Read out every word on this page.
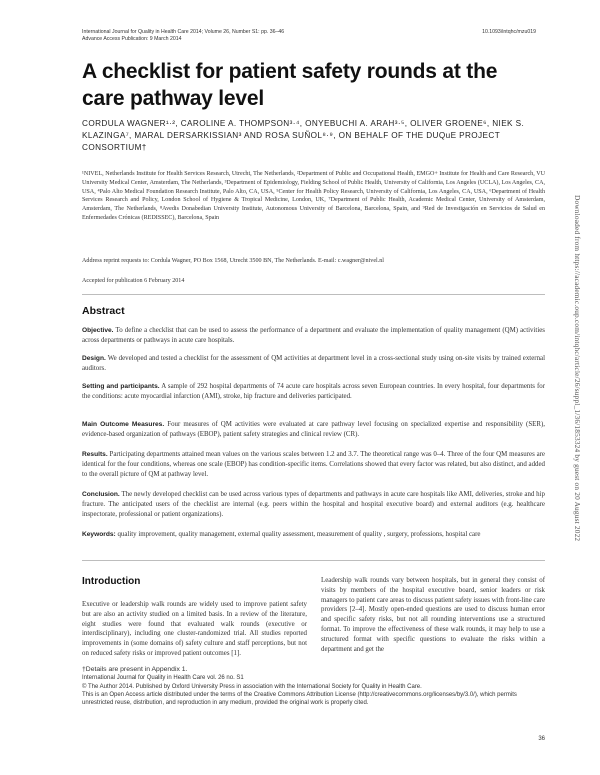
International Journal for Quality in Health Care 2014; Volume 26, Number S1: pp. 36–46
Advance Access Publication: 9 March 2014
10.1093/intqhc/mzu019
A checklist for patient safety rounds at the care pathway level
CORDULA WAGNER¹·², CAROLINE A. THOMPSON³·⁴, ONYEBUCHI A. ARAH³·⁵, OLIVER GROENE⁶, NIEK S. KLAZINGA⁷, MARAL DERSARKISSIAN³ AND ROSA SUÑOL⁸·⁹, ON BEHALF OF THE DUQuE PROJECT CONSORTIUM†
¹NIVEL, Netherlands Institute for Health Services Research, Utrecht, The Netherlands, ²Department of Public and Occupational Health, EMGO+ Institute for Health and Care Research, VU University Medical Center, Amsterdam, The Netherlands, ³Department of Epidemiology, Fielding School of Public Health, University of California, Los Angeles (UCLA), Los Angeles, CA, USA, ⁴Palo Alto Medical Foundation Research Institute, Palo Alto, CA, USA, ⁵Center for Health Policy Research, University of California, Los Angeles, CA, USA, ⁶Department of Health Services Research and Policy, London School of Hygiene & Tropical Medicine, London, UK, ⁷Department of Public Health, Academic Medical Center, University of Amsterdam, Amsterdam, The Netherlands, ⁸Avedis Donabedian University Institute, Autonomous University of Barcelona, Barcelona, Spain, and ⁹Red de Investigación en Servicios de Salud en Enfermedades Crónicas (REDISSEC), Barcelona, Spain
Address reprint requests to: Cordula Wagner, PO Box 1568, Utrecht 3500 BN, The Netherlands. E-mail: c.wagner@nivel.nl
Accepted for publication 6 February 2014
Abstract
Objective. To define a checklist that can be used to assess the performance of a department and evaluate the implementation of quality management (QM) activities across departments or pathways in acute care hospitals.
Design. We developed and tested a checklist for the assessment of QM activities at department level in a cross-sectional study using on-site visits by trained external auditors.
Setting and participants. A sample of 292 hospital departments of 74 acute care hospitals across seven European countries. In every hospital, four departments for the conditions: acute myocardial infarction (AMI), stroke, hip fracture and deliveries participated.
Main Outcome Measures. Four measures of QM activities were evaluated at care pathway level focusing on specialized expertise and responsibility (SER), evidence-based organization of pathways (EBOP), patient safety strategies and clinical review (CR).
Results. Participating departments attained mean values on the various scales between 1.2 and 3.7. The theoretical range was 0–4. Three of the four QM measures are identical for the four conditions, whereas one scale (EBOP) has condition-specific items. Correlations showed that every factor was related, but also distinct, and added to the overall picture of QM at pathway level.
Conclusion. The newly developed checklist can be used across various types of departments and pathways in acute care hospitals like AMI, deliveries, stroke and hip fracture. The anticipated users of the checklist are internal (e.g. peers within the hospital and hospital executive board) and external auditors (e.g. healthcare inspectorate, professional or patient organizations).
Keywords: quality improvement, quality management, external quality assessment, measurement of quality , surgery, professions, hospital care
Introduction
Executive or leadership walk rounds are widely used to improve patient safety but are also an activity studied on a limited basis. In a review of the literature, eight studies were found that evaluated walk rounds (executive or interdisciplinary), including one cluster-randomized trial. All studies reported improvements in (some domains of) safety culture and staff perceptions, but not on reduced safety risks or improved patient outcomes [1].
Leadership walk rounds vary between hospitals, but in general they consist of visits by members of the hospital executive board, senior leaders or risk managers to patient care areas to discuss patient safety issues with front-line care providers [2–4]. Mostly open-ended questions are used to discuss human error and specific safety risks, but not all rounding interventions use a structured format. To improve the effectiveness of these walk rounds, it may help to use a structured format with specific questions to evaluate the risks within a department and get the
†Details are present in Appendix 1.
International Journal for Quality in Health Care vol. 26 no. S1
© The Author 2014. Published by Oxford University Press in association with the International Society for Quality in Health Care.
This is an Open Access article distributed under the terms of the Creative Commons Attribution License (http://creativecommons.org/licenses/by/3.0/), which permits unrestricted reuse, distribution, and reproduction in any medium, provided the original work is properly cited.
36
Downloaded from https://academic.oup.com/intqhc/article/26/suppl_1/36/1853324 by guest on 20 August 2022
